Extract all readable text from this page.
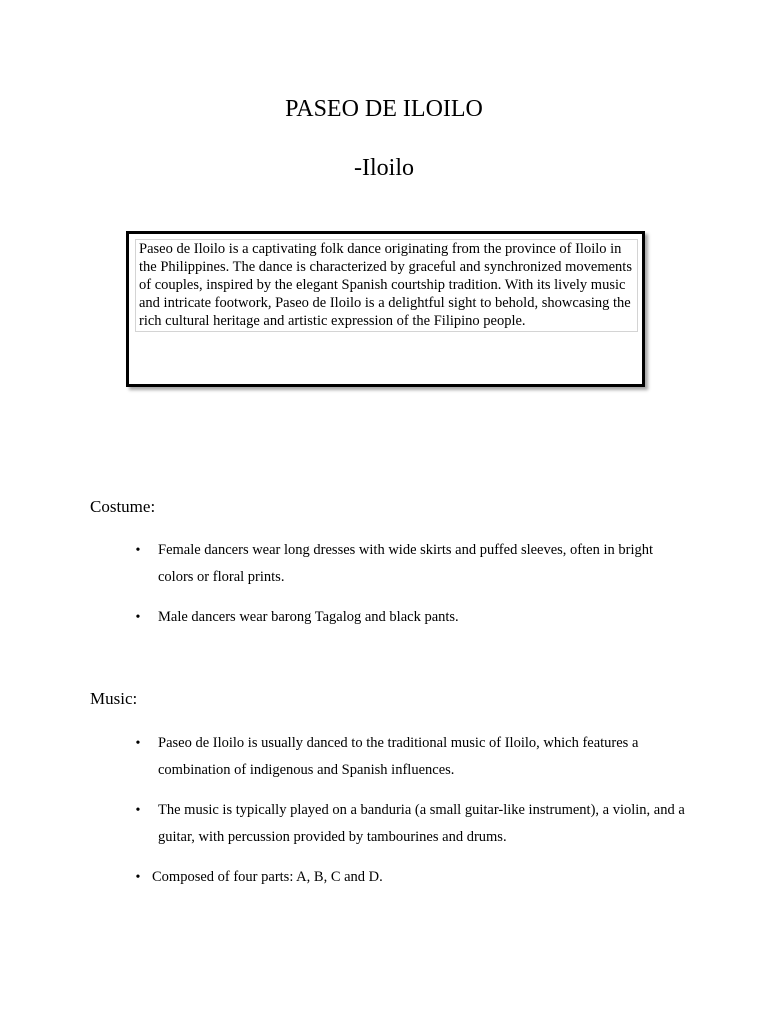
PASEO DE ILOILO
-Iloilo
Paseo de Iloilo is a captivating folk dance originating from the province of Iloilo in the Philippines. The dance is characterized by graceful and synchronized movements of couples, inspired by the elegant Spanish courtship tradition. With its lively music and intricate footwork, Paseo de Iloilo is a delightful sight to behold, showcasing the rich cultural heritage and artistic expression of the Filipino people.
Costume:
• Female dancers wear long dresses with wide skirts and puffed sleeves, often in bright colors or floral prints.
• Male dancers wear barong Tagalog and black pants.
Music:
• Paseo de Iloilo is usually danced to the traditional music of Iloilo, which features a combination of indigenous and Spanish influences.
• The music is typically played on a banduria (a small guitar-like instrument), a violin, and a guitar, with percussion provided by tambourines and drums.
• Composed of four parts: A, B, C and D.
